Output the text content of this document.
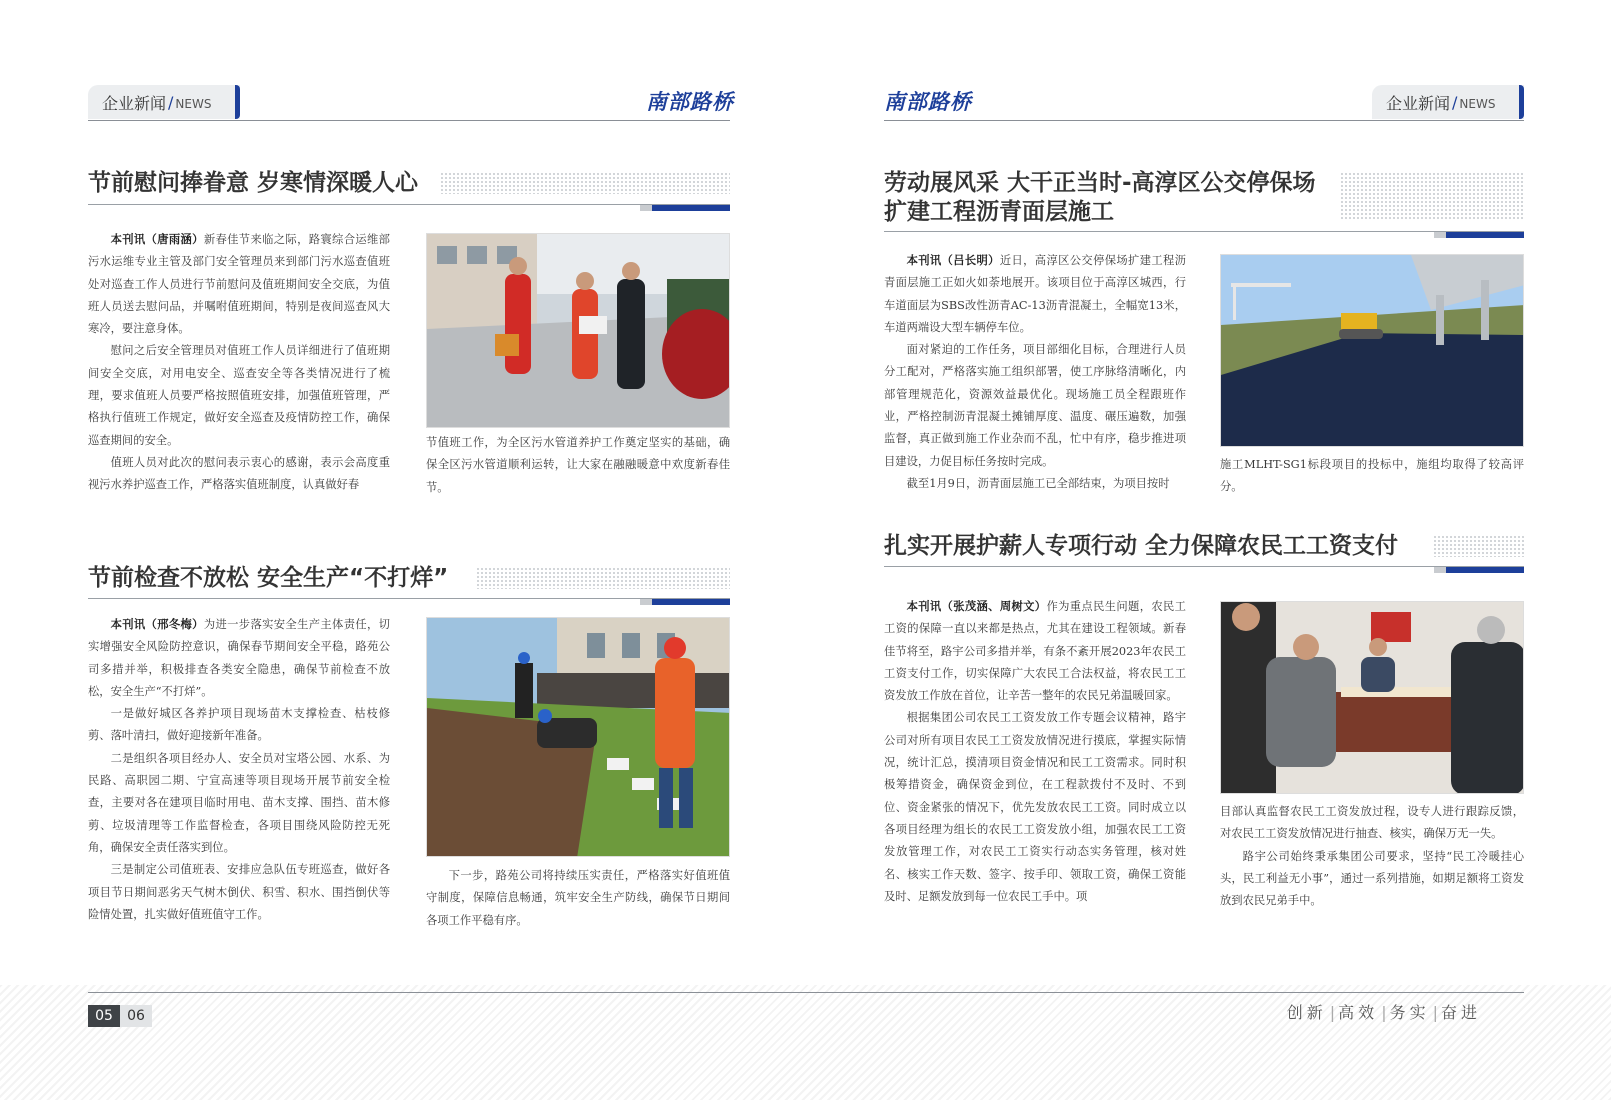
企业新闻 / NEWS	南部路桥	南部路桥	企业新闻 / NEWS
节前慰问捧眷意 岁寒情深暖人心

本刊讯（唐雨涵）新春佳节来临之际，路寰综合运维部污水运维专业主管及部门安全管理员来到部门污水巡查值班处对巡查工作人员进行节前慰问及值班期间安全交底，为值班人员送去慰问品，并嘱咐值班期间，特别是夜间巡查风大寒冷，要注意身体。

慰问之后安全管理员对值班工作人员详细进行了值班期间安全交底，对用电安全、巡查安全等各类情况进行了梳理，要求值班人员要严格按照值班安排，加强值班管理，严格执行值班工作规定，做好安全巡查及疫情防控工作，确保巡查期间的安全。

值班人员对此次的慰问表示衷心的感谢，表示会高度重视污水养护巡查工作，严格落实值班制度，认真做好春

节值班工作，为全区污水管道养护工作奠定坚实的基础，确保全区污水管道顺利运转，让大家在融融暖意中欢度新春佳节。

节前检查不放松 安全生产“不打烊”

本刊讯（邢冬梅）为进一步落实安全生产主体责任，切实增强安全风险防控意识，确保春节期间安全平稳，路苑公司多措并举，积极排查各类安全隐患，确保节前检查不放松，安全生产“不打烊”。

一是做好城区各养护项目现场苗木支撑检查、枯枝修剪、落叶清扫，做好迎接新年准备。

二是组织各项目经办人、安全员对宝塔公园、水系、为民路、高职园二期、宁宣高速等项目现场开展节前安全检查，主要对各在建项目临时用电、苗木支撑、围挡、苗木修剪、垃圾清理等工作监督检查，各项目围绕风险防控无死角，确保安全责任落实到位。

三是制定公司值班表、安排应急队伍专班巡查，做好各项目节日期间恶劣天气树木倒伏、积雪、积水、围挡倒伏等险情处置，扎实做好值班值守工作。

下一步，路苑公司将持续压实责任，严格落实好值班值守制度，保障信息畅通，筑牢安全生产防线，确保节日期间各项工作平稳有序。

劳动展风采 大干正当时-高淳区公交停保场
扩建工程沥青面层施工

本刊讯（吕长明）近日，高淳区公交停保场扩建工程沥青面层施工正如火如荼地展开。该项目位于高淳区城西，行车道面层为SBS改性沥青AC-13沥青混凝土，全幅宽13米，车道两端设大型车辆停车位。

面对紧迫的工作任务，项目部细化目标，合理进行人员分工配对，严格落实施工组织部署，使工序脉络清晰化，内部管理规范化，资源效益最优化。现场施工员全程跟班作业，严格控制沥青混凝土摊铺厚度、温度、碾压遍数，加强监督，真正做到施工作业杂而不乱，忙中有序，稳步推进项目建设，力促目标任务按时完成。

截至1月9日，沥青面层施工已全部结束，为项目按时

施工MLHT-SG1标段项目的投标中，施组均取得了较高评分。

扎实开展护薪人专项行动 全力保障农民工工资支付

本刊讯（张茂涵、周树文）作为重点民生问题，农民工工资的保障一直以来都是热点，尤其在建设工程领域。新春佳节将至，路宇公司多措并举，有条不紊开展2023年农民工工资支付工作，切实保障广大农民工合法权益，将农民工工资发放工作放在首位，让辛苦一整年的农民兄弟温暖回家。

根据集团公司农民工工资发放工作专题会议精神，路宇公司对所有项目农民工工资发放情况进行摸底，掌握实际情况，统计汇总，摸清项目资金情况和民工工资需求。同时积极筹措资金，确保资金到位，在工程款拨付不及时、不到位、资金紧张的情况下，优先发放农民工工资。同时成立以各项目经理为组长的农民工工资发放小组，加强农民工工资发放管理工作，对农民工工资实行动态实务管理，核对姓名、核实工作天数、签字、按手印、领取工资，确保工资能及时、足额发放到每一位农民工手中。项

目部认真监督农民工工资发放过程，设专人进行跟踪反馈，对农民工工资发放情况进行抽查、核实，确保万无一失。

路宇公司始终秉承集团公司要求，坚持“民工冷暖挂心头，民工利益无小事”，通过一系列措施，如期足额将工资发放到农民兄弟手中。

05	06	创新 | 高效 | 务实 | 奋进
